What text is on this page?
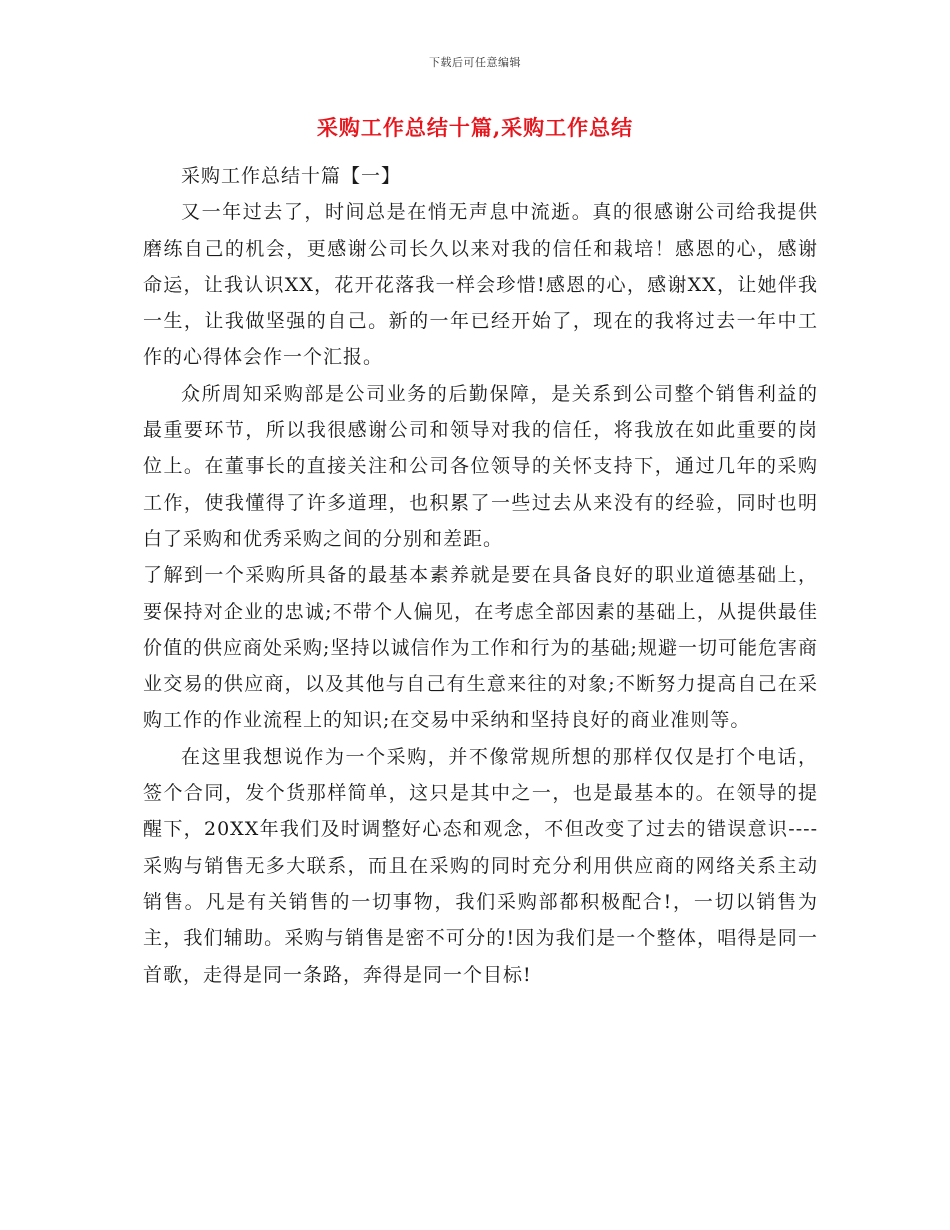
下载后可任意编辑
采购工作总结十篇,采购工作总结

采购工作总结十篇【一】

又一年过去了，时间总是在悄无声息中流逝。真的很感谢公司给我提供磨练自己的机会，更感谢公司长久以来对我的信任和栽培！感恩的心，感谢命运，让我认识XX，花开花落我一样会珍惜!感恩的心，感谢XX，让她伴我一生，让我做坚强的自己。新的一年已经开始了，现在的我将过去一年中工作的心得体会作一个汇报。

众所周知采购部是公司业务的后勤保障，是关系到公司整个销售利益的最重要环节，所以我很感谢公司和领导对我的信任，将我放在如此重要的岗位上。在董事长的直接关注和公司各位领导的关怀支持下，通过几年的采购工作，使我懂得了许多道理，也积累了一些过去从来没有的经验，同时也明白了采购和优秀采购之间的分别和差距。

了解到一个采购所具备的最基本素养就是要在具备良好的职业道德基础上，要保持对企业的忠诚;不带个人偏见，在考虑全部因素的基础上，从提供最佳价值的供应商处采购;坚持以诚信作为工作和行为的基础;规避一切可能危害商业交易的供应商，以及其他与自己有生意来往的对象;不断努力提高自己在采购工作的作业流程上的知识;在交易中采纳和坚持良好的商业准则等。

在这里我想说作为一个采购，并不像常规所想的那样仅仅是打个电话，签个合同，发个货那样简单，这只是其中之一，也是最基本的。在领导的提醒下，20XX年我们及时调整好心态和观念，不但改变了过去的错误意识----采购与销售无多大联系，而且在采购的同时充分利用供应商的网络关系主动销售。凡是有关销售的一切事物，我们采购部都积极配合!，一切以销售为主，我们辅助。采购与销售是密不可分的!因为我们是一个整体，唱得是同一首歌，走得是同一条路，奔得是同一个目标!
